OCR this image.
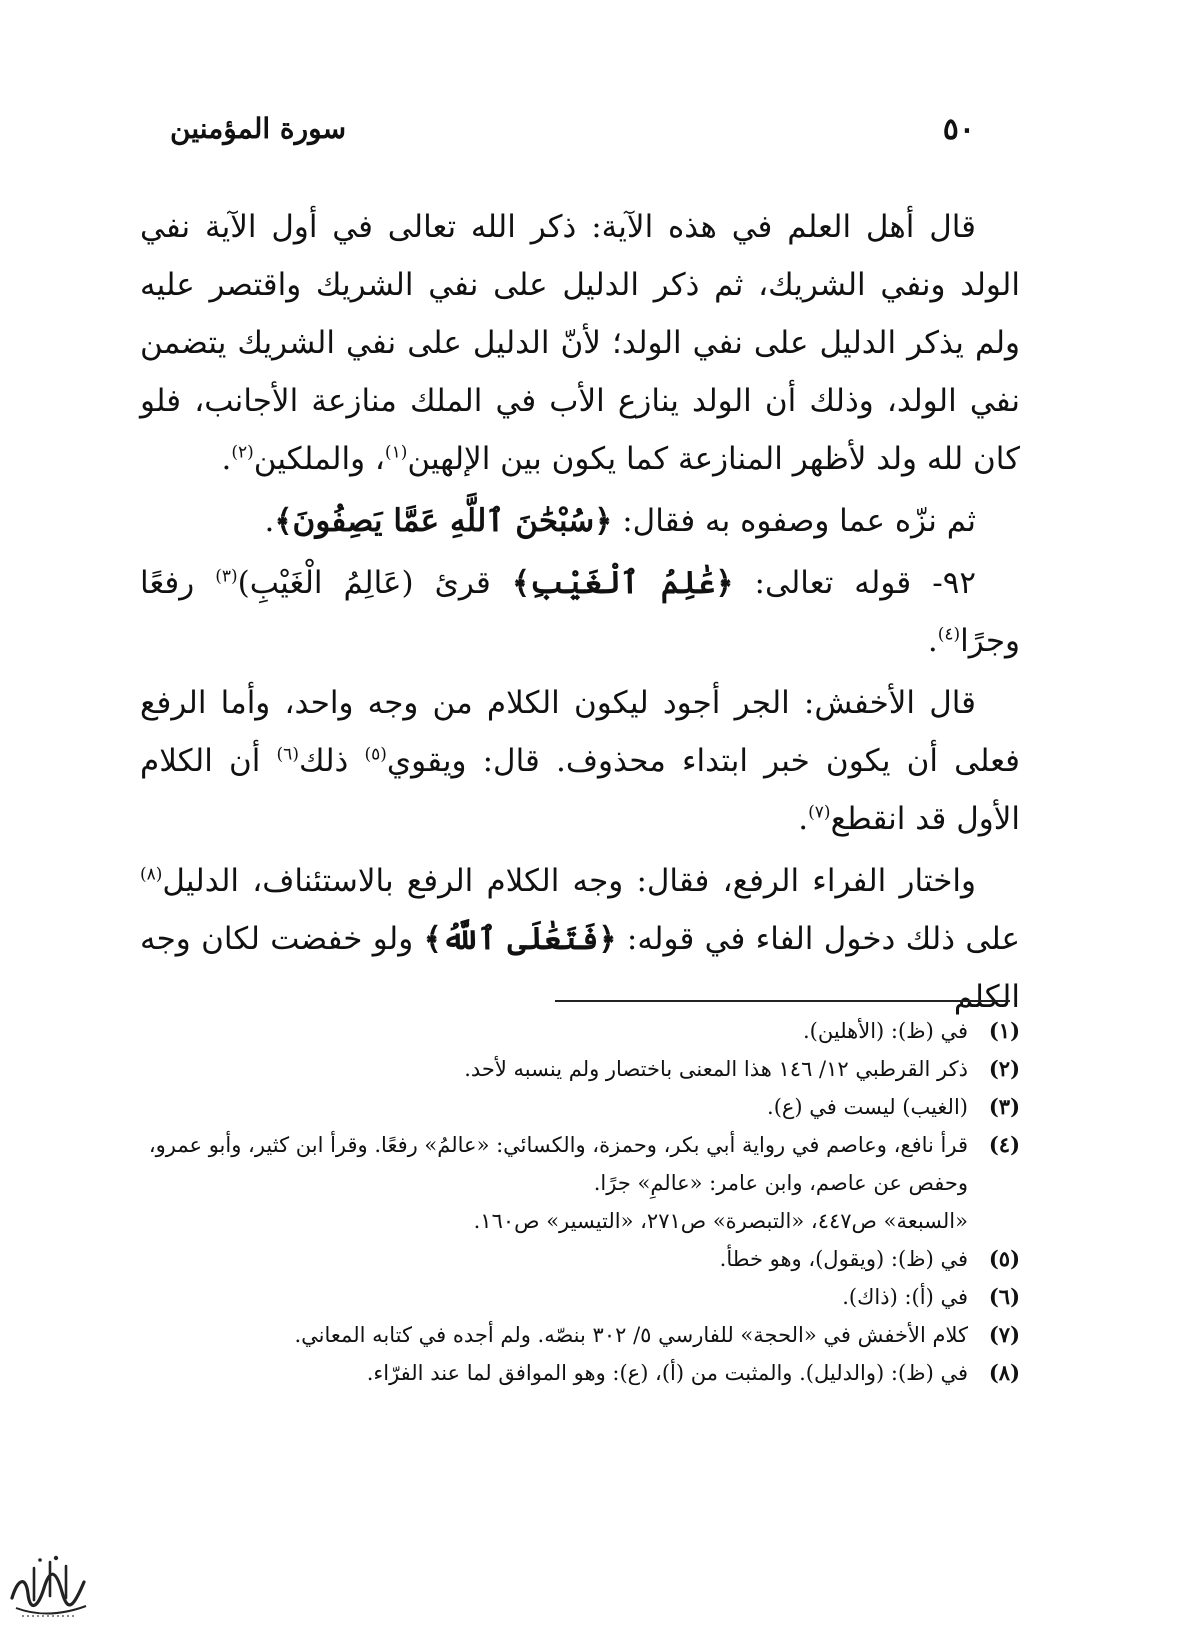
٥٠
سورة المؤمنين

قال أهل العلم في هذه الآية: ذكر الله تعالى في أول الآية نفي الولد ونفي الشريك، ثم ذكر الدليل على نفي الشريك واقتصر عليه ولم يذكر الدليل على نفي الولد؛ لأنّ الدليل على نفي الشريك يتضمن نفي الولد، وذلك أن الولد ينازع الأب في الملك منازعة الأجانب، فلو كان لله ولد لأظهر المنازعة كما يكون بين الإلهين$^{(١)}$، والملكين$^{(٢)}$.

ثم نزّه عما وصفوه به فقال: ﴿سُبْحَٰنَ ٱللَّهِ عَمَّا يَصِفُونَ﴾.

٩٢- قوله تعالى: ﴿عَٰلِمُ ٱلْغَيْبِ﴾ قرئ (عَالِمُ الْغَيْبِ)$^{(٣)}$ رفعًا وجرًا$^{(٤)}$.

قال الأخفش: الجر أجود ليكون الكلام من وجه واحد، وأما الرفع فعلى أن يكون خبر ابتداء محذوف. قال: ويقوي$^{(٥)}$ ذلك$^{(٦)}$ أن الكلام الأول قد انقطع$^{(٧)}$.

واختار الفراء الرفع، فقال: وجه الكلام الرفع بالاستئناف، الدليل$^{(٨)}$ على ذلك دخول الفاء في قوله: ﴿فَتَعَٰلَى ٱللَّهُ﴾ ولو خفضت لكان وجه الكلم

(١)
في (ظ): (الأهلين).
(٢)
ذكر القرطبي ١٢/ ١٤٦ هذا المعنى باختصار ولم ينسبه لأحد.
(٣)
(الغيب) ليست في (ع).
(٤)
قرأ نافع، وعاصم في رواية أبي بكر، وحمزة، والكسائي: «عالمُ» رفعًا. وقرأ ابن كثير، وأبو عمرو، وحفص عن عاصم، وابن عامر: «عالمِ» جرًا.
«السبعة» ص٤٤٧، «التبصرة» ص٢٧١، «التيسير» ص١٦٠.
(٥)
في (ظ): (ويقول)، وهو خطأ.
(٦)
في (أ): (ذاك).
(٧)
كلام الأخفش في «الحجة» للفارسي ٥/ ٣٠٢ بنصّه. ولم أجده في كتابه المعاني.
(٨)
في (ظ): (والدليل). والمثبت من (أ)، (ع): وهو الموافق لما عند الفرّاء.
